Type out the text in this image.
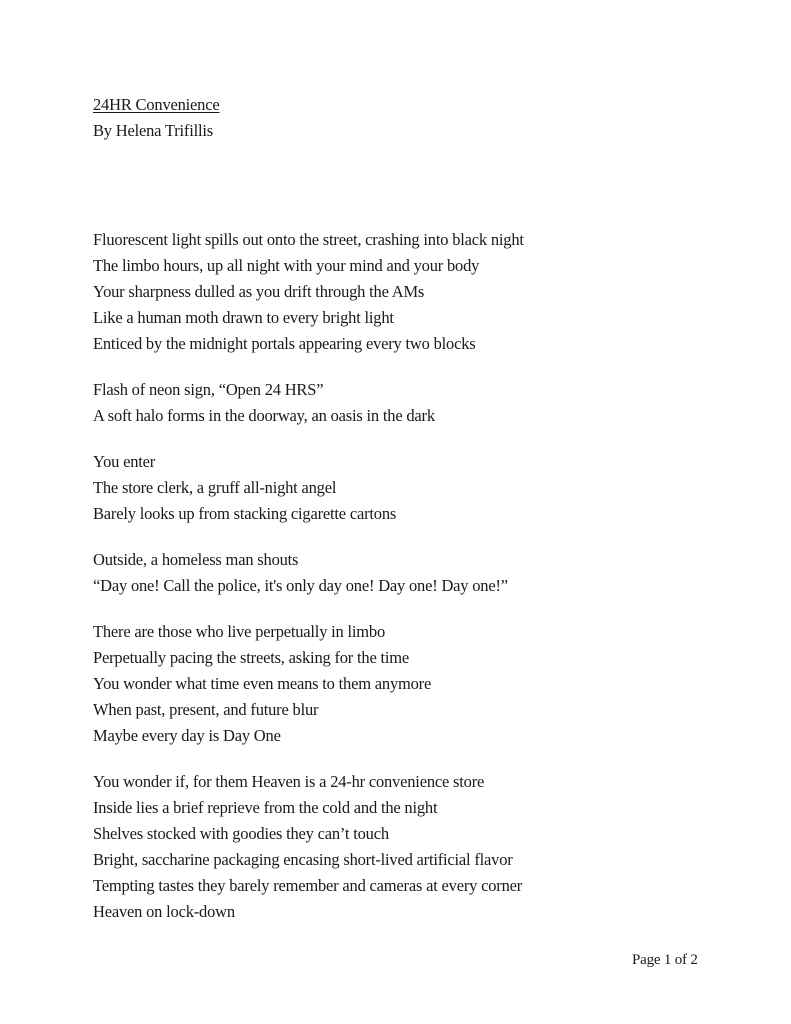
24HR Convenience
By Helena Trifillis
Fluorescent light spills out onto the street, crashing into black night
The limbo hours, up all night with your mind and your body
Your sharpness dulled as you drift through the AMs
Like a human moth drawn to every bright light
Enticed by the midnight portals appearing every two blocks
Flash of neon sign, “Open 24 HRS”
A soft halo forms in the doorway, an oasis in the dark
You enter
The store clerk, a gruff all-night angel
Barely looks up from stacking cigarette cartons
Outside, a homeless man shouts
“Day one! Call the police, it's only day one! Day one! Day one!”
There are those who live perpetually in limbo
Perpetually pacing the streets, asking for the time
You wonder what time even means to them anymore
When past, present, and future blur
Maybe every day is Day One
You wonder if, for them Heaven is a 24-hr convenience store
Inside lies a brief reprieve from the cold and the night
Shelves stocked with goodies they can’t touch
Bright, saccharine packaging encasing short-lived artificial flavor
Tempting tastes they barely remember and cameras at every corner
Heaven on lock-down
Page 1 of 2
